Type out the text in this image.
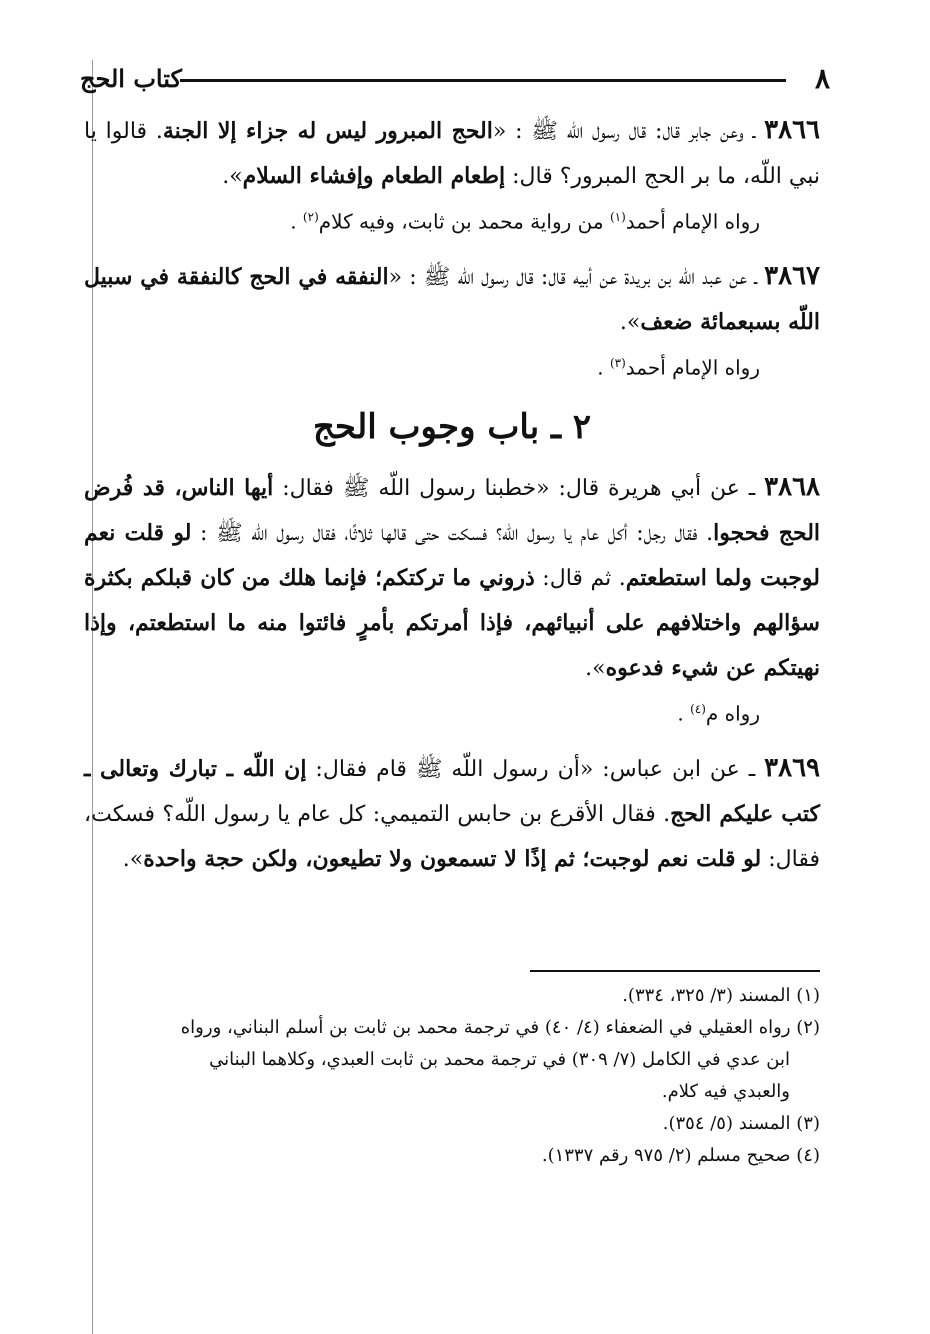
٨
كتاب الحج

٣٨٦٦ ـ وعن جابر قال: قال رسول اللّه ﷺ : «الحج المبرور ليس له جزاء إلا الجنة. قالوا يا نبي اللّه، ما بر الحج المبرور؟ قال: إطعام الطعام وإفشاء السلام».

رواه الإمام أحمد$^{(١)}$ من رواية محمد بن ثابت، وفيه كلام$^{(٢)}$ .

٣٨٦٧ ـ عن عبد اللّه بن بريدة عن أبيه قال: قال رسول اللّه ﷺ : «النفقه في الحج كالنفقة في سبيل اللّه بسبعمائة ضعف».

رواه الإمام أحمد$^{(٣)}$ .

٢ ـ باب وجوب الحج

٣٨٦٨ ـ عن أبي هريرة قال: «خطبنا رسول اللّه ﷺ فقال: أيها الناس، قد فُرض الحج فحجوا. فقال رجل: أكل عام يا رسول اللّه؟ فسكت حتى قالها ثلاثًا، فقال رسول اللّه ﷺ : لو قلت نعم لوجبت ولما استطعتم. ثم قال: ذروني ما تركتكم؛ فإنما هلك من كان قبلكم بكثرة سؤالهم واختلافهم على أنبيائهم، فإذا أمرتكم بأمرٍ فائتوا منه ما استطعتم، وإذا نهيتكم عن شيء فدعوه».

رواه م$^{(٤)}$ .

٣٨٦٩ ـ عن ابن عباس: «أن رسول اللّه ﷺ قام فقال: إن اللّه ـ تبارك وتعالى ـ كتب عليكم الحج. فقال الأقرع بن حابس التميمي: كل عام يا رسول اللّه؟ فسكت، فقال: لو قلت نعم لوجبت؛ ثم إذًا لا تسمعون ولا تطيعون، ولكن حجة واحدة».

(١) المسند (٣/ ٣٢٥، ٣٣٤).

(٢) رواه العقيلي في الضعفاء (٤/ ٤٠) في ترجمة محمد بن ثابت بن أسلم البناني، ورواه

ابن عدي في الكامل (٧/ ٣٠٩) في ترجمة محمد بن ثابت العبدي، وكلاهما البناني

والعبدي فيه كلام.

(٣) المسند (٥/ ٣٥٤).

(٤) صحيح مسلم (٢/ ٩٧٥ رقم ١٣٣٧).
